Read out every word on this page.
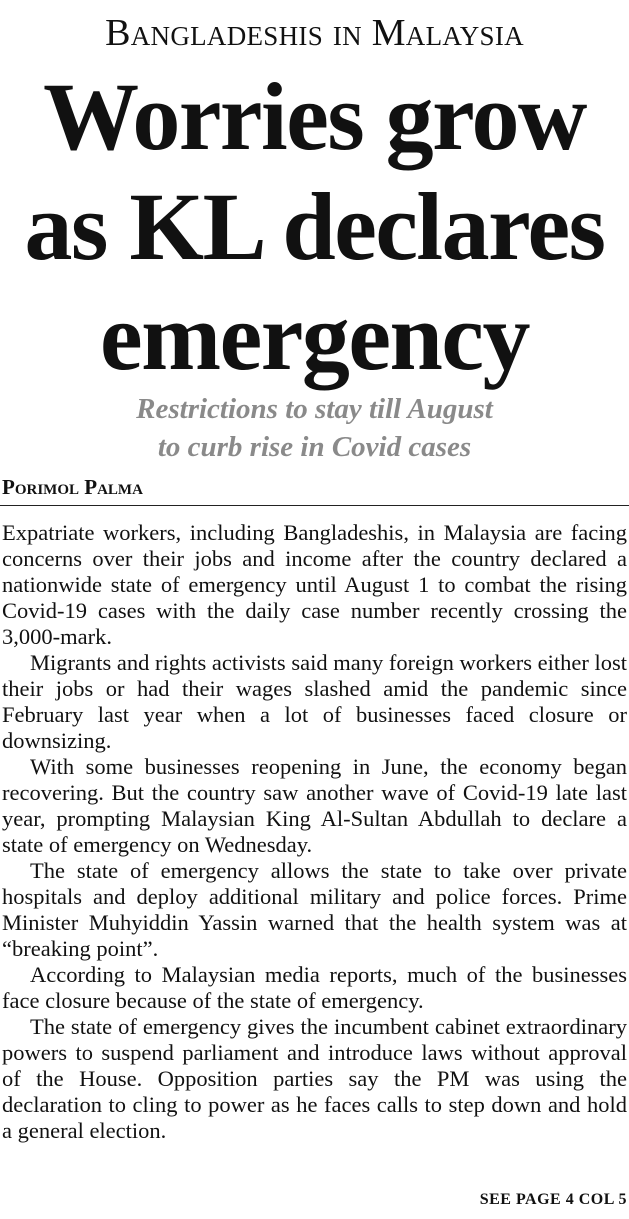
Bangladeshis in Malaysia
Worries grow
as KL declares
emergency
Restrictions to stay till August
to curb rise in Covid cases
Porimol Palma

Expatriate workers, including Bangladeshis, in Malaysia are facing concerns over their jobs and income after the country declared a nationwide state of emergency until August 1 to combat the rising Covid-19 cases with the daily case number recently crossing the 3,000-mark.

Migrants and rights activists said many foreign workers either lost their jobs or had their wages slashed amid the pandemic since February last year when a lot of businesses faced closure or downsizing.

With some businesses reopening in June, the economy began recovering. But the country saw another wave of Covid-19 late last year, prompting Malaysian King Al-Sultan Abdullah to declare a state of emergency on Wednesday.

The state of emergency allows the state to take over private hospitals and deploy additional military and police forces. Prime Minister Muhyiddin Yassin warned that the health system was at “breaking point”.

According to Malaysian media reports, much of the businesses face closure because of the state of emergency.

The state of emergency gives the incumbent cabinet extraordinary powers to suspend parliament and introduce laws without approval of the House. Opposition parties say the PM was using the declaration to cling to power as he faces calls to step down and hold a general election.

SEE PAGE 4 COL 5
